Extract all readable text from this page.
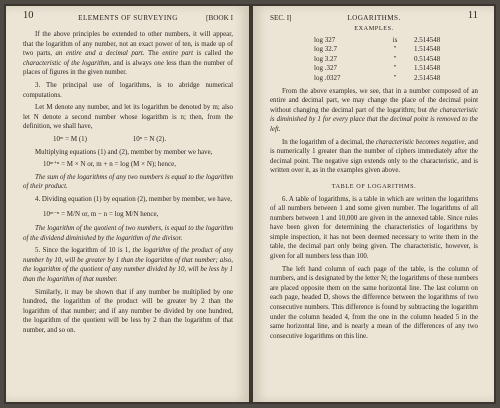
10	ELEMENTS OF SURVEYING	[BOOK I

If the above principles be extended to other numbers, it will appear, that the logarithm of any number, not an exact power of ten, is made up of two parts, an entire and a decimal part. The entire part is called the characteristic of the logarithm, and is always one less than the number of places of figures in the given number.

3. The principal use of logarithms, is to abridge numerical computations.

Let M denote any number, and let its logarithm be denoted by m; also let N denote a second number whose logarithm is n; then, from the definition, we shall have,

10ᵐ = M (1)	10ⁿ = N (2).

Multiplying equations (1) and (2), member by member we have,

10ᵐ⁺ⁿ = M × N or, m + n = log (M × N); hence,

The sum of the logarithms of any two numbers is equal to the logarithm of their product.

4. Dividing equation (1) by equation (2), member by member, we have,

10ᵐ⁻ⁿ = M/N or, m − n = log M/N hence,

The logarithm of the quotient of two numbers, is equal to the logarithm of the dividend diminished by the logarithm of the divisor.

5. Since the logarithm of 10 is 1, the logarithm of the product of any number by 10, will be greater by 1 than the logarithm of that number; also, the logarithm of the quotient of any number divided by 10, will be less by 1 than the logarithm of that number.

Similarly, it may be shown that if any number be multiplied by one hundred, the logarithm of the product will be greater by 2 than the logarithm of that number; and if any number be divided by one hundred, the logarithm of the quotient will be less by 2 than the logarithm of that number, and so on.

SEC. I]	LOGARITHMS.	11
EXAMPLES.
log 327	is	2.514548
log 32.7	"	1.514548
log 3.27	"	0.514548
log .327	"	1.514548
log .0327	"	2.514548

From the above examples, we see, that in a number composed of an entire and decimal part, we may change the place of the decimal point without changing the decimal part of the logarithm; but the characteristic is diminished by 1 for every place that the decimal point is removed to the left.

In the logarithm of a decimal, the characteristic becomes negative, and is numerically 1 greater than the number of ciphers immediately after the decimal point. The negative sign extends only to the characteristic, and is written over it, as in the examples given above.

TABLE OF LOGARITHMS.

6. A table of logarithms, is a table in which are written the logarithms of all numbers between 1 and some given number. The logarithms of all numbers between 1 and 10,000 are given in the annexed table. Since rules have been given for determining the characteristics of logarithms by simple inspection, it has not been deemed necessary to write them in the table, the decimal part only being given. The characteristic, however, is given for all numbers less than 100.

The left hand column of each page of the table, is the column of numbers, and is designated by the letter N; the logarithms of these numbers are placed opposite them on the same horizontal line. The last column on each page, headed D, shows the difference between the logarithms of two consecutive numbers. This difference is found by subtracting the logarithm under the column headed 4, from the one in the column headed 5 in the same horizontal line, and is nearly a mean of the differences of any two consecutive logarithms on this line.
